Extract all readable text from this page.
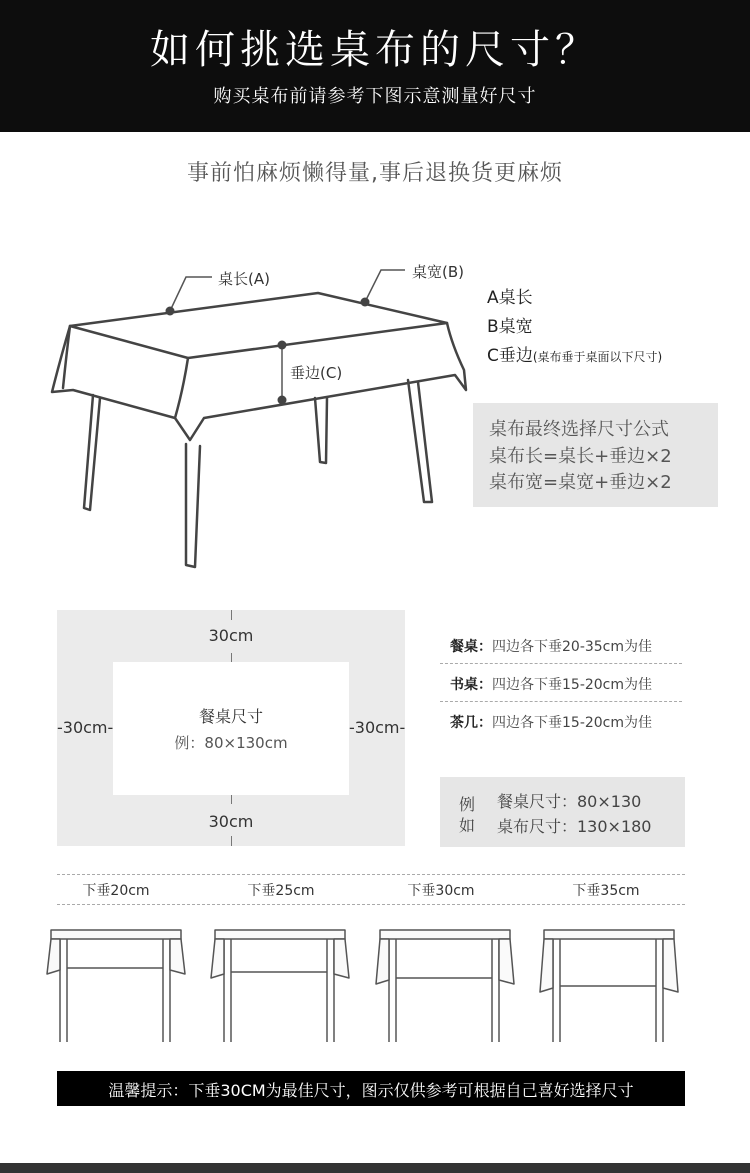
如何挑选桌布的尺寸？
购买桌布前请参考下图示意测量好尺寸
事前怕麻烦懒得量,事后退换货更麻烦
桌长(A)	桌宽(B)
垂边(C)
A桌长
B桌宽
C垂边(桌布垂于桌面以下尺寸)
桌布最终选择尺寸公式
桌布长=桌长+垂边×2
桌布宽=桌宽+垂边×2
30cm
30cm
-30cm-	-30cm-
餐桌尺寸
例：80×130cm
餐桌：四边各下垂20-35cm为佳
书桌：四边各下垂15-20cm为佳
茶几：四边各下垂15-20cm为佳
例
如
餐桌尺寸：80×130
桌布尺寸：130×180
下垂20cm	下垂25cm	下垂30cm	下垂35cm
温馨提示：下垂30CM为最佳尺寸，图示仅供参考可根据自己喜好选择尺寸
